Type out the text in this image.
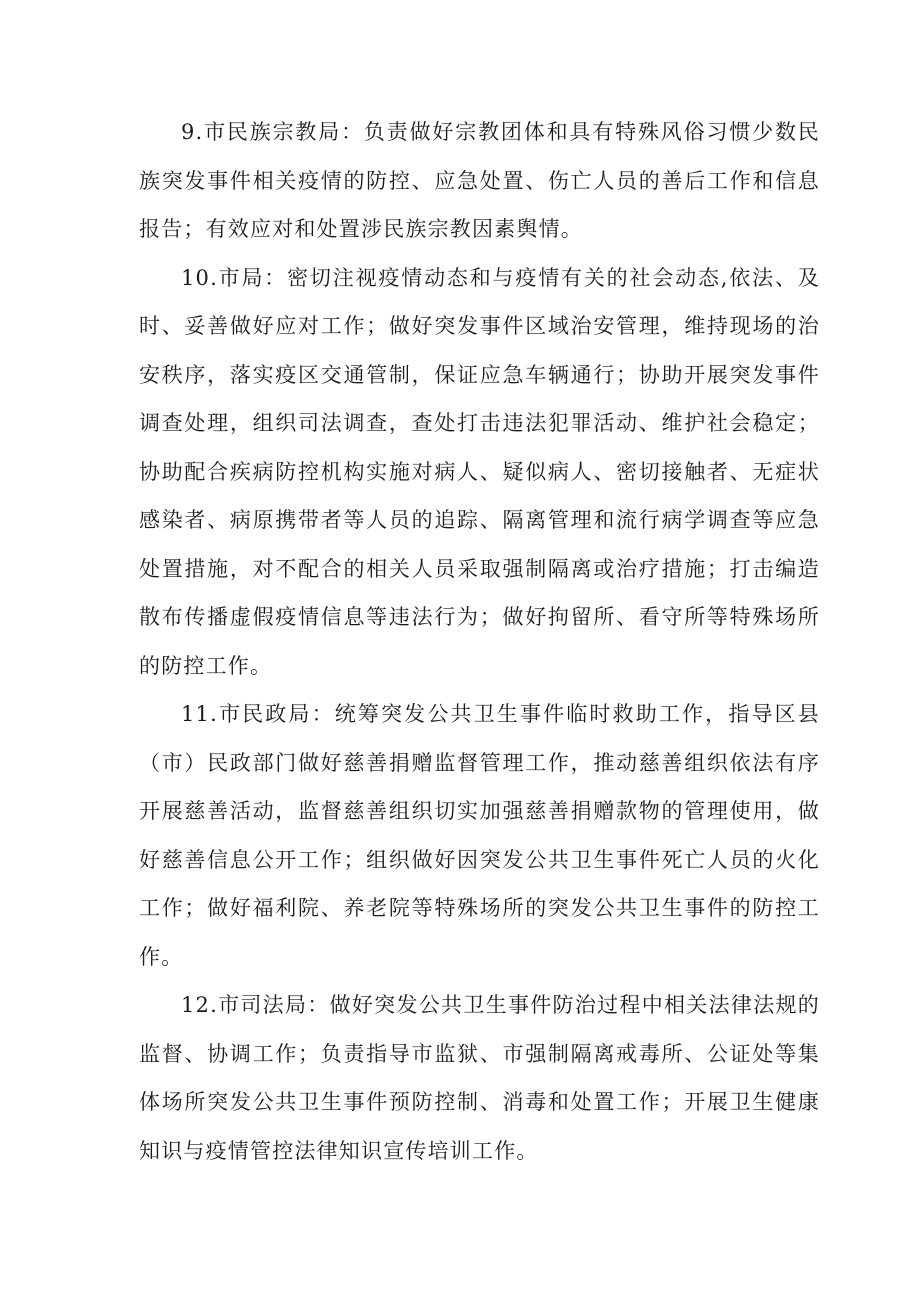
9.市民族宗教局：负责做好宗教团体和具有特殊风俗习惯少数民族突发事件相关疫情的防控、应急处置、伤亡人员的善后工作和信息报告；有效应对和处置涉民族宗教因素舆情。

10.市局：密切注视疫情动态和与疫情有关的社会动态,依法、及时、妥善做好应对工作；做好突发事件区域治安管理，维持现场的治安秩序，落实疫区交通管制，保证应急车辆通行；协助开展突发事件调查处理，组织司法调查，查处打击违法犯罪活动、维护社会稳定；协助配合疾病防控机构实施对病人、疑似病人、密切接触者、无症状感染者、病原携带者等人员的追踪、隔离管理和流行病学调查等应急处置措施，对不配合的相关人员采取强制隔离或治疗措施；打击编造散布传播虚假疫情信息等违法行为；做好拘留所、看守所等特殊场所的防控工作。

11.市民政局：统筹突发公共卫生事件临时救助工作，指导区县（市）民政部门做好慈善捐赠监督管理工作，推动慈善组织依法有序开展慈善活动，监督慈善组织切实加强慈善捐赠款物的管理使用，做好慈善信息公开工作；组织做好因突发公共卫生事件死亡人员的火化工作；做好福利院、养老院等特殊场所的突发公共卫生事件的防控工作。

12.市司法局：做好突发公共卫生事件防治过程中相关法律法规的监督、协调工作；负责指导市监狱、市强制隔离戒毒所、公证处等集体场所突发公共卫生事件预防控制、消毒和处置工作；开展卫生健康知识与疫情管控法律知识宣传培训工作。
